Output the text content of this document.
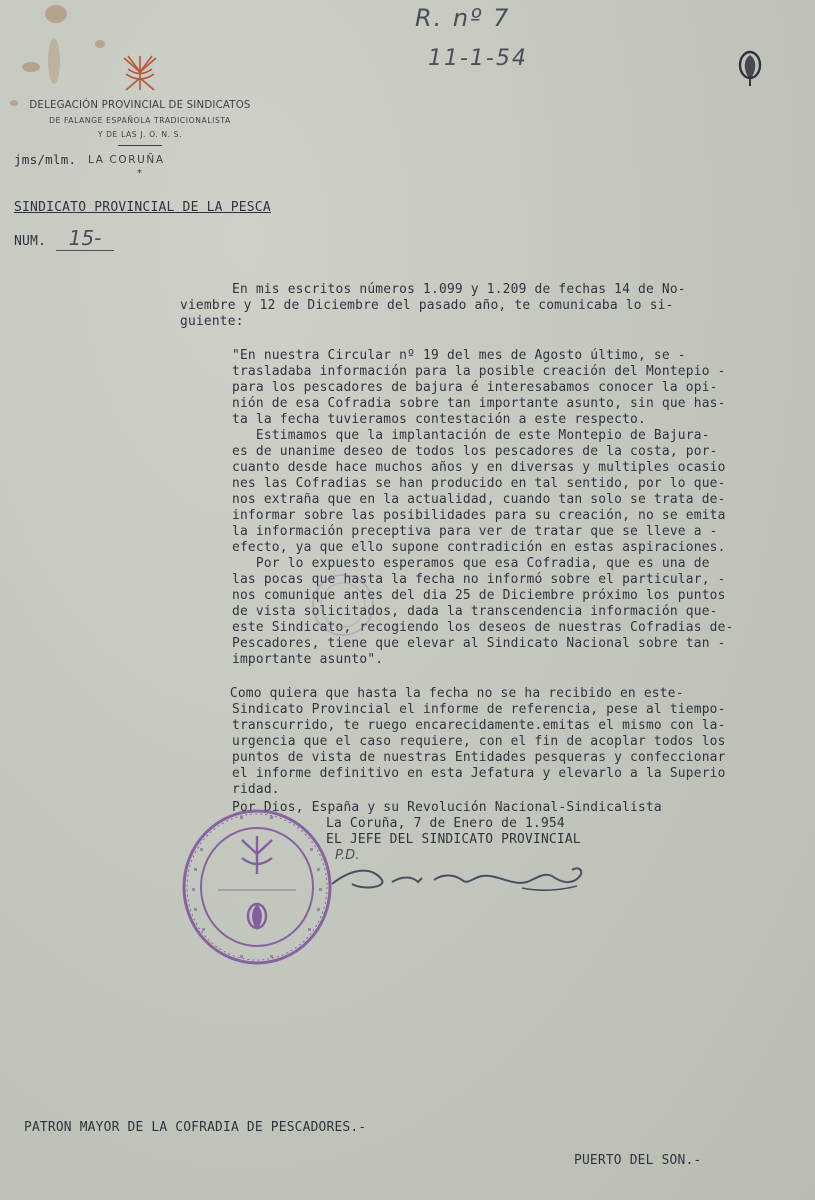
R. nº 7
11-1-54
DELEGACIÓN PROVINCIAL DE SINDICATOS
DE FALANGE ESPAÑOLA TRADICIONALISTA
Y DE LAS J. O. N. S.
jms/mlm. LA CORUÑA
*
SINDICATO PROVINCIAL DE LA PESCA
NUM.	15-
En mis escritos números 1.099 y 1.209 de fechas 14 de No-
viembre y 12 de Diciembre del pasado año, te comunicaba lo si-
guiente:
"En nuestra Circular nº 19 del mes de Agosto último, se -
trasladaba información para la posible creación del Montepio -
para los pescadores de bajura é interesabamos conocer la opi-
nión de esa Cofradia sobre tan importante asunto, sin que has-
ta la fecha tuvieramos contestación a este respecto.
Estimamos que la implantación de este Montepio de Bajura-
es de unanime deseo de todos los pescadores de la costa, por-
cuanto desde hace muchos años y en diversas y multiples ocasio
nes las Cofradias se han producido en tal sentido, por lo que-
nos extraña que en la actualidad, cuando tan solo se trata de-
informar sobre las posibilidades para su creación, no se emita
la información preceptiva para ver de tratar que se lleve a -
efecto, ya que ello supone contradición en estas aspiraciones.
Por lo expuesto esperamos que esa Cofradia, que es una de
las pocas que hasta la fecha no informó sobre el particular, -
nos comunique antes del dia 25 de Diciembre próximo los puntos
de vista solicitados, dada la transcendencia información que-
este Sindicato, recogiendo los deseos de nuestras Cofradias de-
Pescadores, tiene que elevar al Sindicato Nacional sobre tan -
importante asunto".
Como quiera que hasta la fecha no se ha recibido en este-
Sindicato Provincial el informe de referencia, pese al tiempo-
transcurrido, te ruego encarecidamente.emitas el mismo con la-
urgencia que el caso requiere, con el fin de acoplar todos los
puntos de vista de nuestras Entidades pesqueras y confeccionar
el informe definitivo en esta Jefatura y elevarlo a la Superio
ridad.
Por Dios, España y su Revolución Nacional-Sindicalista
La Coruña, 7 de Enero de 1.954
EL JEFE DEL SINDICATO PROVINCIAL
P.D.
PATRON MAYOR DE LA COFRADIA DE PESCADORES.-
PUERTO DEL SON.-
